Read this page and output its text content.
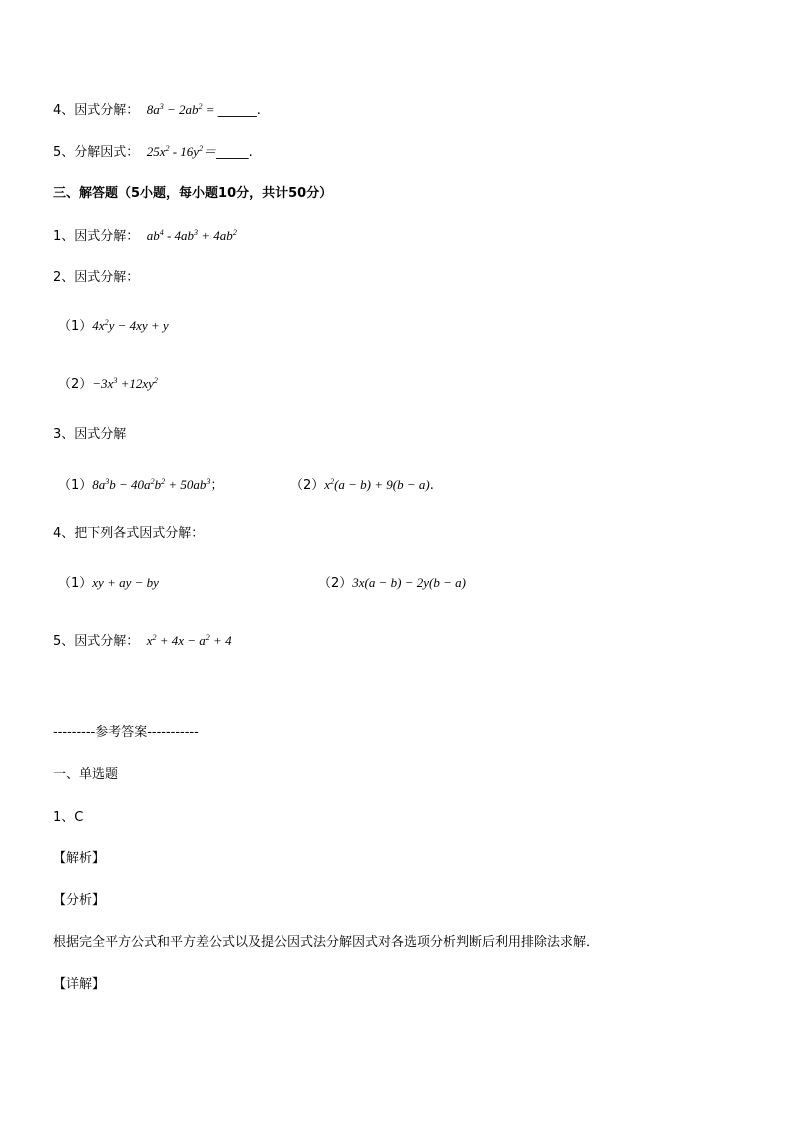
4、因式分解：  $8a^3 - 2ab^2$ = ______.
5、分解因式：  $25x^2$ - $16y^2=\_\_\_\_\_$.
三、解答题（5小题，每小题10分，共计50分）
1、因式分解：  $ab^4 - 4ab^3 + 4ab^2$
2、因式分解：
$(1)4x^2y - 4xy + y$
$(2)-3x^3 +12xy^2$
3、因式分解
$(1)8a^3b - 40a^2b^2 + 50ab^3$；	$(2)x^2(a - b) + 9(b - a)$.
4、把下列各式因式分解：
（1）xy + ay − by	（2）3x(a − b) − 2y(b − a)
5、因式分解：  $x^2 + 4x - a^2 + 4$
---------参考答案-----------
一、单选题
1、C
【解析】
【分析】
根据完全平方公式和平方差公式以及提公因式法分解因式对各选项分析判断后利用排除法求解．
【详解】
